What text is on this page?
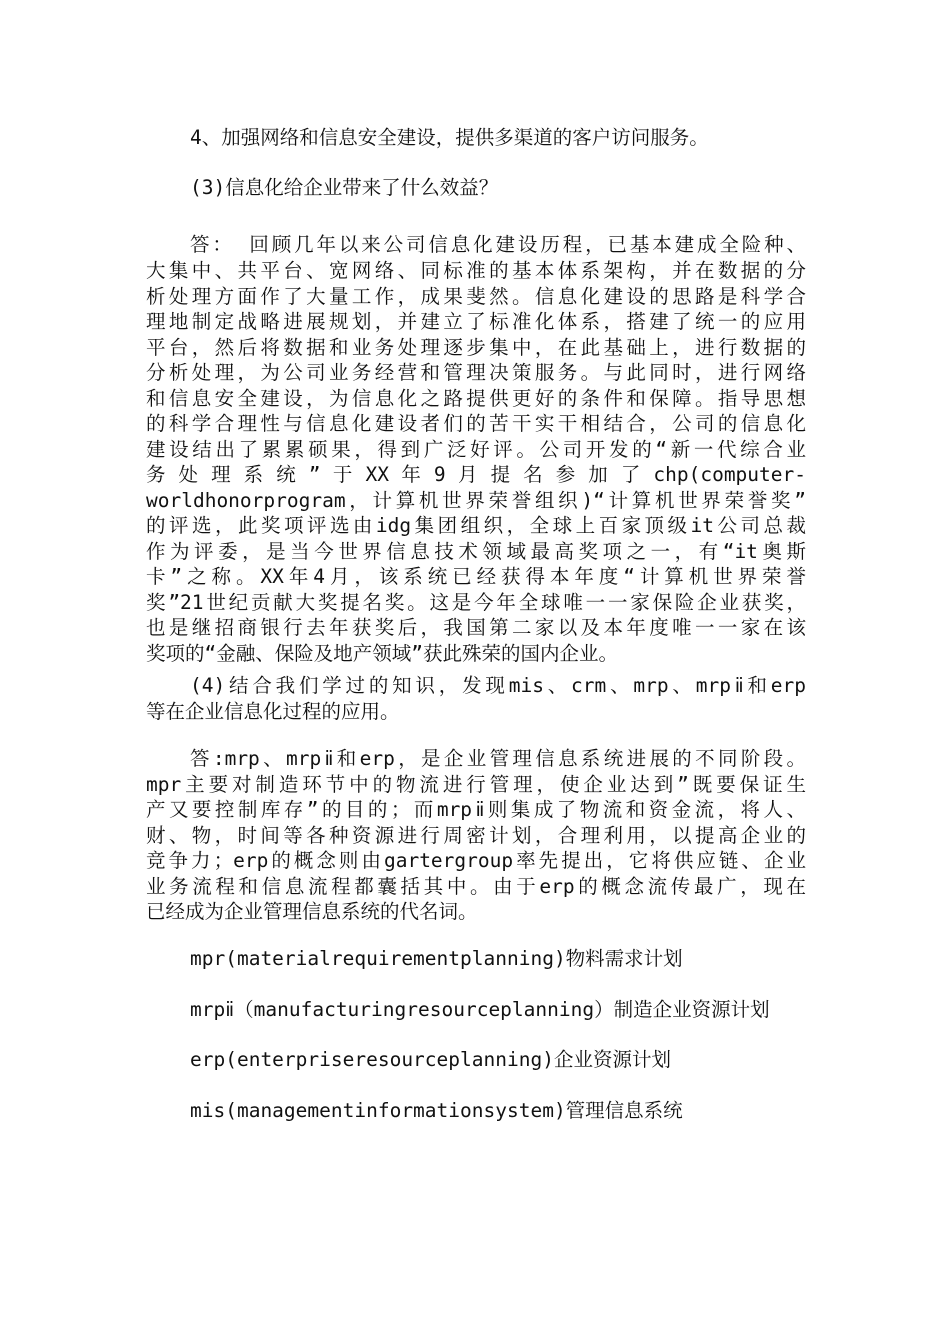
4、加强网络和信息安全建设，提供多渠道的客户访问服务。
(3)信息化给企业带来了什么效益？
答： 回顾几年以来公司信息化建设历程，已基本建成全险种、
大集中、共平台、宽网络、同标准的基本体系架构，并在数据的分
析处理方面作了大量工作，成果斐然。信息化建设的思路是科学合
理地制定战略进展规划，并建立了标准化体系，搭建了统一的应用
平台，然后将数据和业务处理逐步集中，在此基础上，进行数据的
分析处理，为公司业务经营和管理决策服务。与此同时，进行网络
和信息安全建设，为信息化之路提供更好的条件和保障。指导思想
的科学合理性与信息化建设者们的苦干实干相结合，公司的信息化
建设结出了累累硕果，得到广泛好评。公司开发的“新一代综合业
务 处 理 系 统 ” 于 XX 年 9 月 提 名 参 加 了 chp(computer-
worldhonorprogram，计算机世界荣誉组织)“计算机世界荣誉奖”
的评选，此奖项评选由idg集团组织，全球上百家顶级it公司总裁
作为评委，是当今世界信息技术领域最高奖项之一，有“it奥斯
卡”之称。XX年4月，该系统已经获得本年度“计算机世界荣誉
奖”21世纪贡献大奖提名奖。这是今年全球唯一一家保险企业获奖，
也是继招商银行去年获奖后，我国第二家以及本年度唯一一家在该
奖项的“金融、保险及地产领域”获此殊荣的国内企业。
(4)结合我们学过的知识，发现mis、crm、mrp、mrpⅱ和erp
等在企业信息化过程的应用。
答:mrp、mrpⅱ和erp，是企业管理信息系统进展的不同阶段。
mpr主要对制造环节中的物流进行管理，使企业达到”既要保证生
产又要控制库存”的目的；而mrpⅱ则集成了物流和资金流，将人、
财、物，时间等各种资源进行周密计划，合理利用，以提高企业的
竞争力；erp的概念则由gartergroup率先提出，它将供应链、企业
业务流程和信息流程都囊括其中。由于erp的概念流传最广，现在
已经成为企业管理信息系统的代名词。
mpr(materialrequirementplanning)物料需求计划
mrpⅱ（manufacturingresourceplanning）制造企业资源计划
erp(enterpriseresourceplanning)企业资源计划
mis(managementinformationsystem)管理信息系统
